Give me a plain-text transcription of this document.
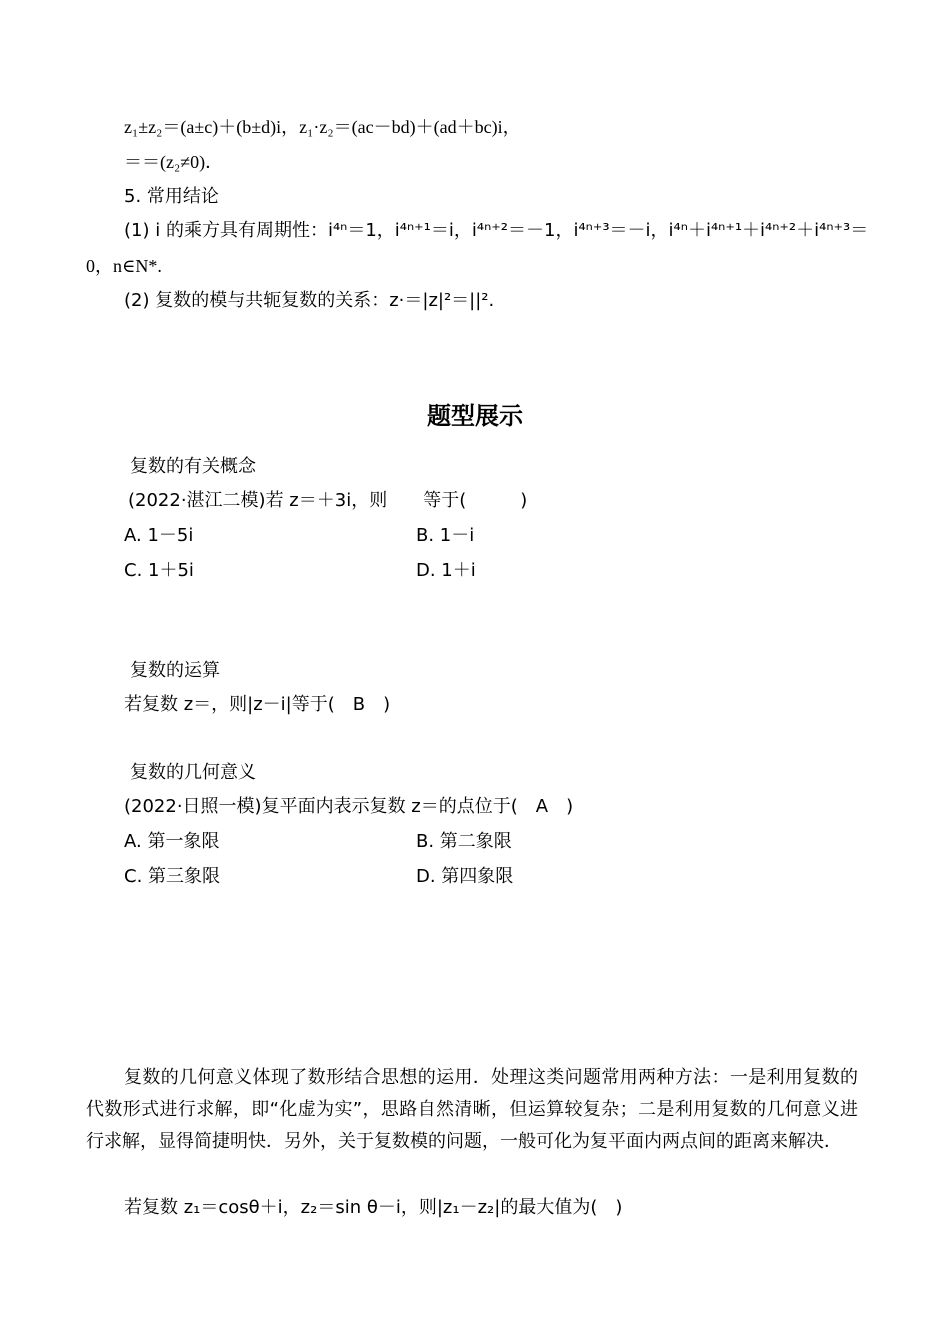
z₁±z₂＝(a±c)＋(b±d)i，z₁·z₂＝(ac－bd)＋(ad＋bc)i，
＝＝(z₂≠0)．
5. 常用结论
(1) i 的乘方具有周期性：i⁴ⁿ＝1，i⁴ⁿ⁺¹＝i，i⁴ⁿ⁺²＝－1，i⁴ⁿ⁺³＝－i，i⁴ⁿ＋i⁴ⁿ⁺¹＋i⁴ⁿ⁺²＋i⁴ⁿ⁺³＝
0，n∈N*.
(2) 复数的模与共轭复数的关系：z·＝|z|²＝||².
题型展示
复数的有关概念
(2022·湛江二模)若 z＝＋3i，则　　等于(　　　)
A. 1－5i	B. 1－i
C. 1＋5i	D. 1＋i
复数的运算
若复数 z＝，则|z－i|等于(　B　)
复数的几何意义
(2022·日照一模)复平面内表示复数 z＝的点位于(　A　)
A. 第一象限	B. 第二象限
C. 第三象限	D. 第四象限
复数的几何意义体现了数形结合思想的运用．处理这类问题常用两种方法：一是利用复数的代数形式进行求解，即“化虚为实”，思路自然清晰，但运算较复杂；二是利用复数的几何意义进行求解，显得简捷明快．另外，关于复数模的问题，一般可化为复平面内两点间的距离来解决．
若复数 z₁＝cosθ＋i，z₂＝sin θ－i，则|z₁－z₂|的最大值为(　)
